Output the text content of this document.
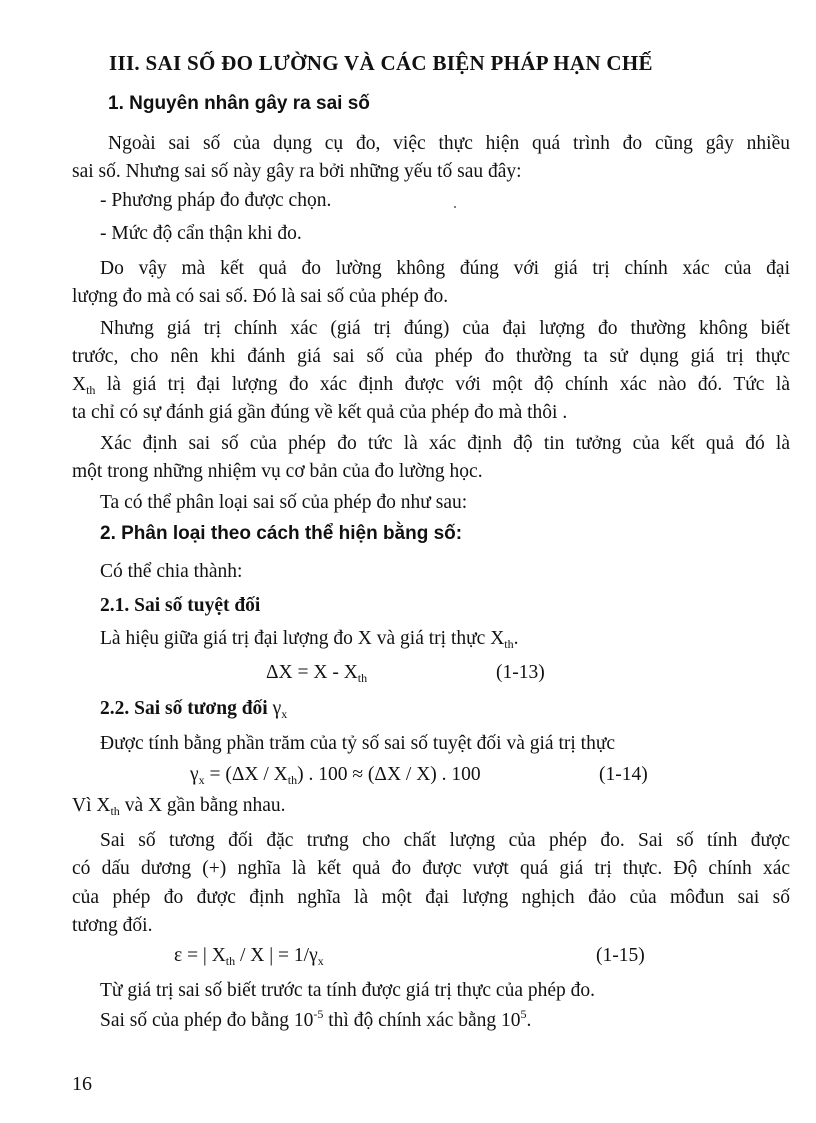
III. SAI SỐ ĐO LƯỜNG VÀ CÁC BIỆN PHÁP HẠN CHẾ
1. Nguyên nhân gây ra sai số
Ngoài sai số của dụng cụ đo, việc thực hiện quá trình đo cũng gây nhiều
sai số. Nhưng sai số này gây ra bởi những yếu tố sau đây:
- Phương pháp đo được chọn.
- Mức độ cẩn thận khi đo.
Do vậy mà kết quả đo lường không đúng với giá trị chính xác của đại
lượng đo mà có sai số. Đó là sai số của phép đo.
Nhưng giá trị chính xác (giá trị đúng) của đại lượng đo thường không biết
trước, cho nên khi đánh giá sai số của phép đo thường ta sử dụng giá trị thực
$X_{th}$ là giá trị đại lượng đo xác định được với một độ chính xác nào đó. Tức là
ta chỉ có sự đánh giá gần đúng về kết quả của phép đo mà thôi .
Xác định sai số của phép đo tức là xác định độ tin tưởng của kết quả đó là
một trong những nhiệm vụ cơ bản của đo lường học.
Ta có thể phân loại sai số của phép đo như sau:
2. Phân loại theo cách thể hiện bằng số:
Có thể chia thành:
2.1. Sai số tuyệt đối
Là hiệu giữa giá trị đại lượng đo X và giá trị thực $X_{th}$.
$\Delta X = X - X_{th}$	(1-13)
2.2. Sai số tương đối $\gamma_x$
Được tính bằng phần trăm của tỷ số sai số tuyệt đối và giá trị thực
$\gamma_x = (\Delta X / X_{th})$ . 100 ≈ (ΔX / X) . 100	(1-14)
Vì $X_{th}$ và X gần bằng nhau.
Sai số tương đối đặc trưng cho chất lượng của phép đo. Sai số tính được
có dấu dương (+) nghĩa là kết quả đo được vượt quá giá trị thực. Độ chính xác
của phép đo được định nghĩa là một đại lượng nghịch đảo của môđun sai số
tương đối.
ε = | $X_{th}$ / X | = $1/\gamma_x$	(1-15)
Từ giá trị sai số biết trước ta tính được giá trị thực của phép đo.
Sai số của phép đo bằng $10^{-5}$ thì độ chính xác bằng $10^5$.
16
